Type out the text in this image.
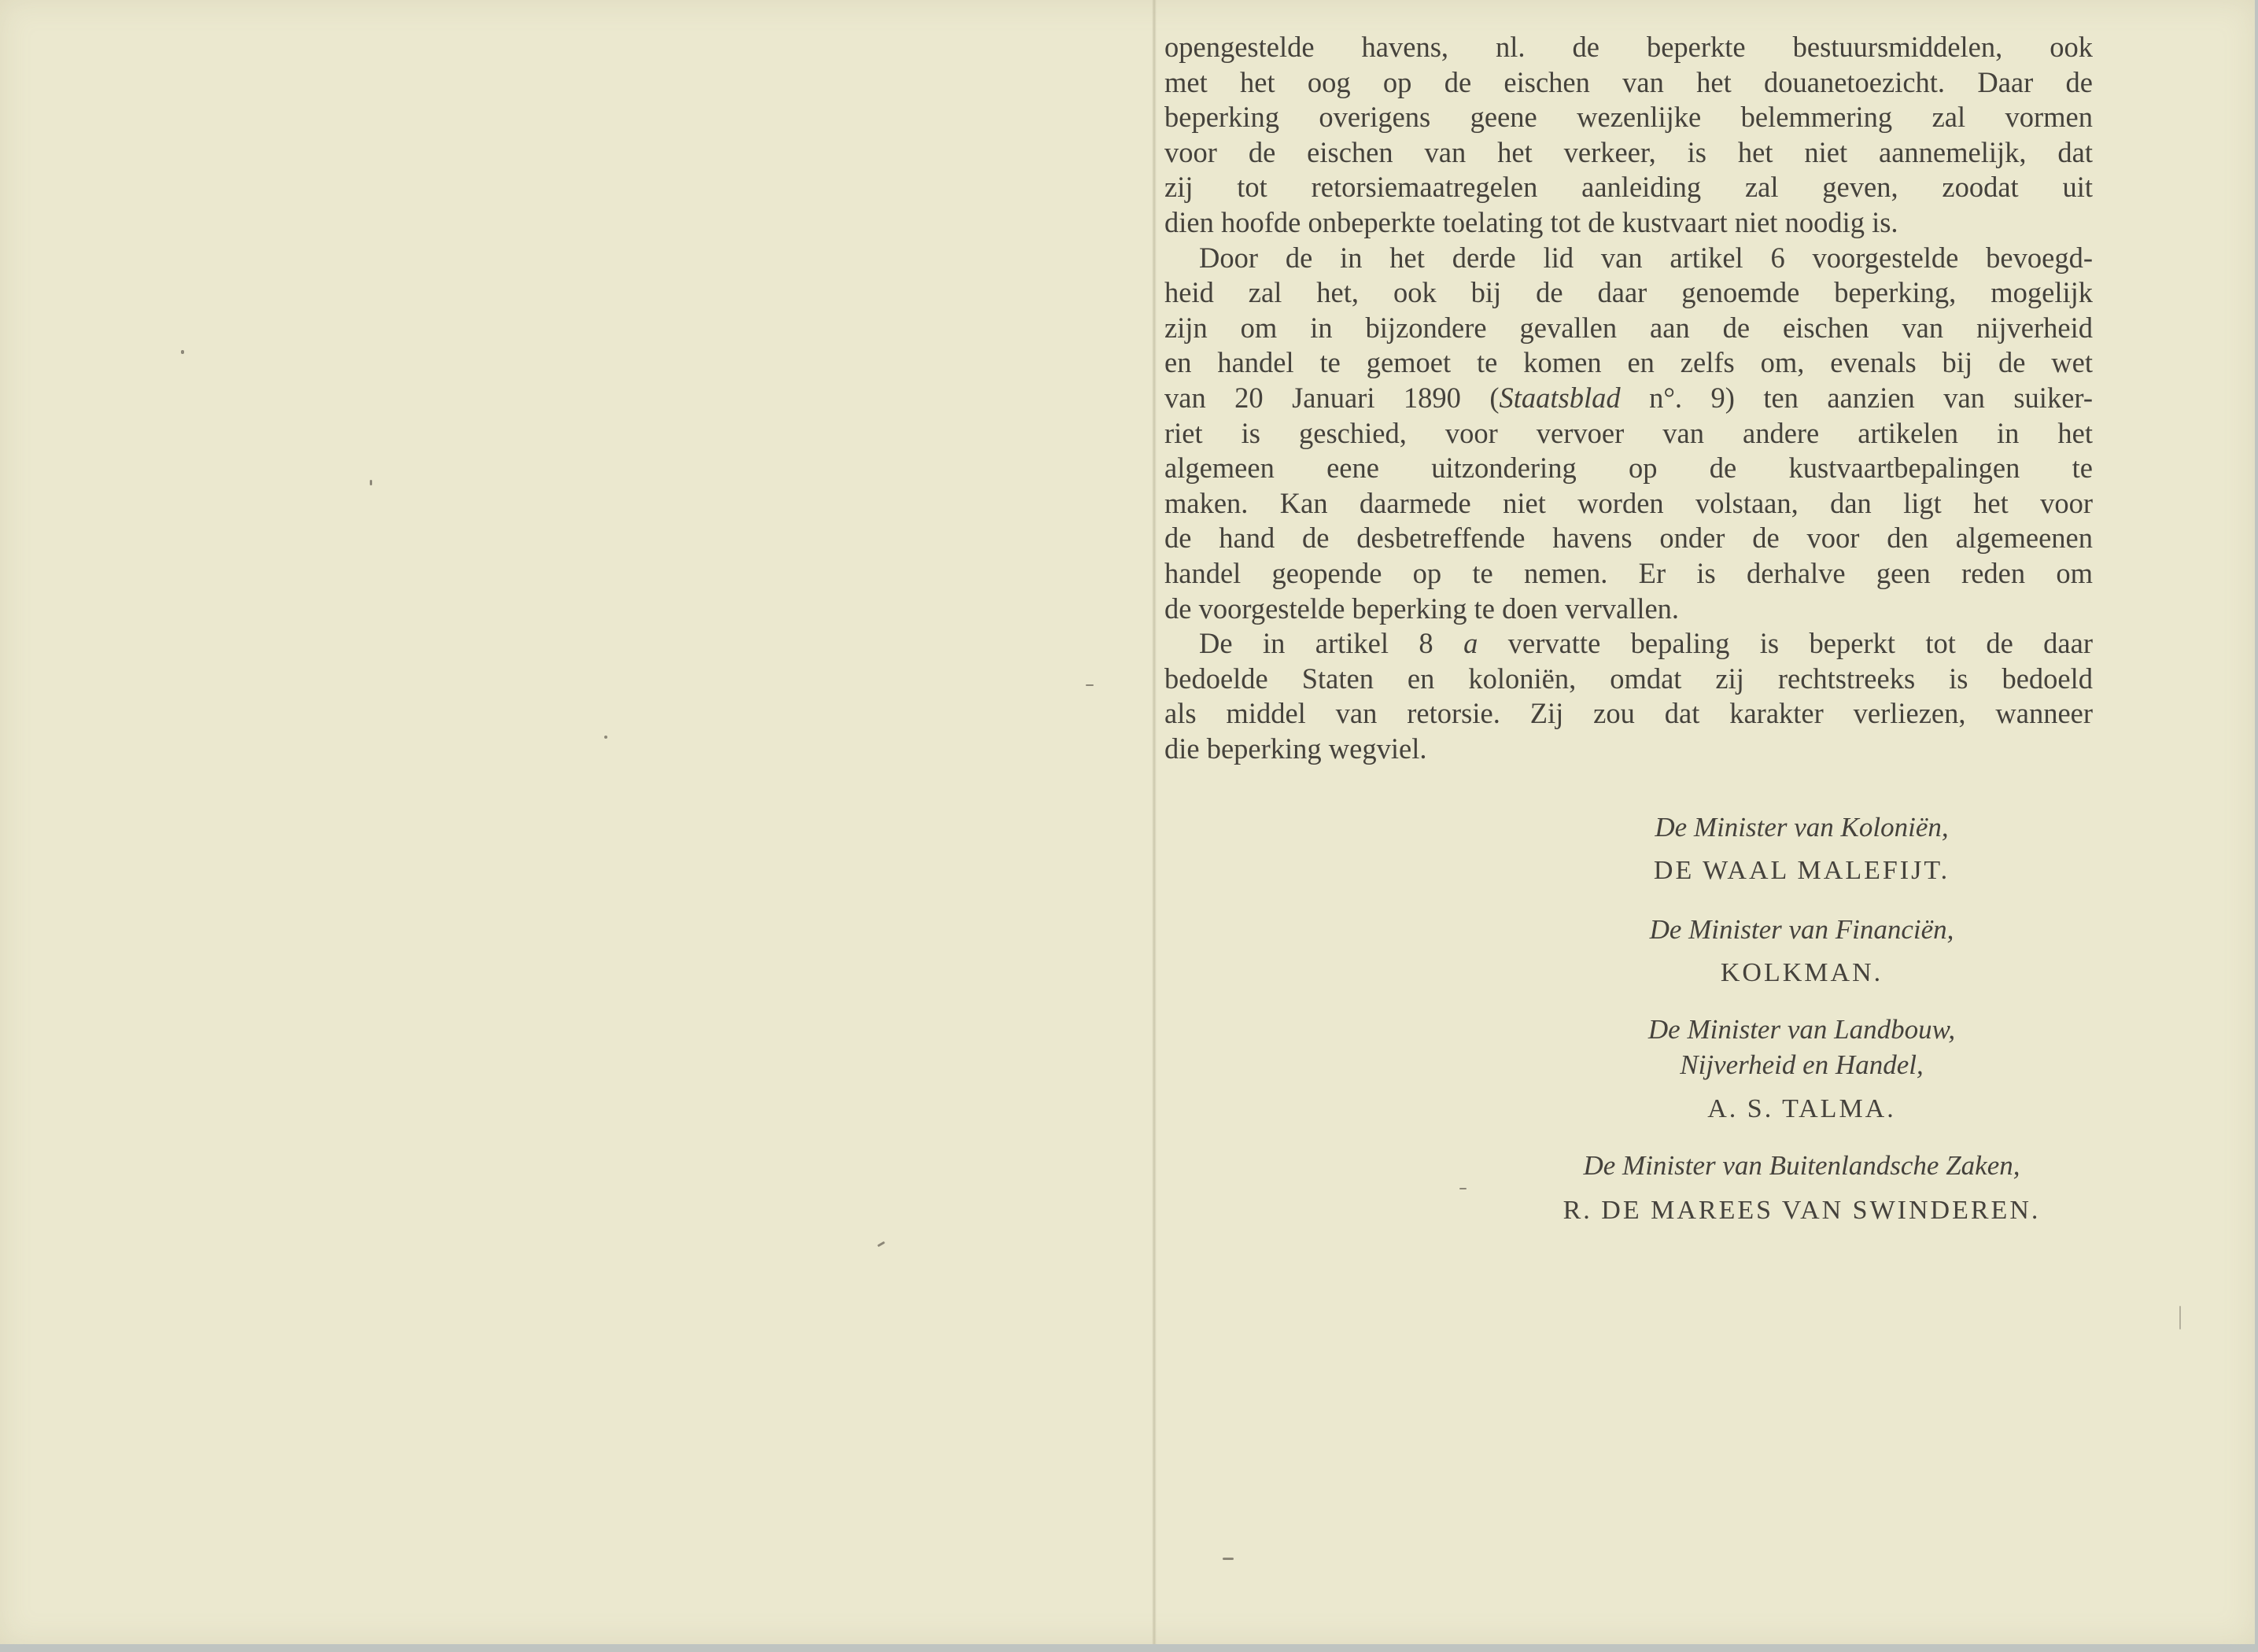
opengestelde havens, nl. de beperkte bestuursmiddelen, ook
met het oog op de eischen van het douanetoezicht. Daar de
beperking overigens geene wezenlijke belemmering zal vormen
voor de eischen van het verkeer, is het niet aannemelijk, dat
zij tot retorsiemaatregelen aanleiding zal geven, zoodat uit
dien hoofde onbeperkte toelating tot de kustvaart niet noodig is.
Door de in het derde lid van artikel 6 voorgestelde bevoegd-
heid zal het, ook bij de daar genoemde beperking, mogelijk
zijn om in bijzondere gevallen aan de eischen van nijverheid
en handel te gemoet te komen en zelfs om, evenals bij de wet
van 20 Januari 1890 (Staatsblad n°. 9) ten aanzien van suiker-
riet is geschied, voor vervoer van andere artikelen in het
algemeen eene uitzondering op de kustvaartbepalingen te
maken. Kan daarmede niet worden volstaan, dan ligt het voor
de hand de desbetreffende havens onder de voor den algemeenen
handel geopende op te nemen. Er is derhalve geen reden om
de voorgestelde beperking te doen vervallen.
De in artikel 8 a vervatte bepaling is beperkt tot de daar
bedoelde Staten en koloniën, omdat zij rechtstreeks is bedoeld
als middel van retorsie. Zij zou dat karakter verliezen, wanneer
die beperking wegviel.
De Minister van Koloniën,
DE WAAL MALEFIJT.
De Minister van Financiën,
KOLKMAN.
De Minister van Landbouw,
Nijverheid en Handel,
A. S. TALMA.
De Minister van Buitenlandsche Zaken,
R. DE MAREES VAN SWINDEREN.
